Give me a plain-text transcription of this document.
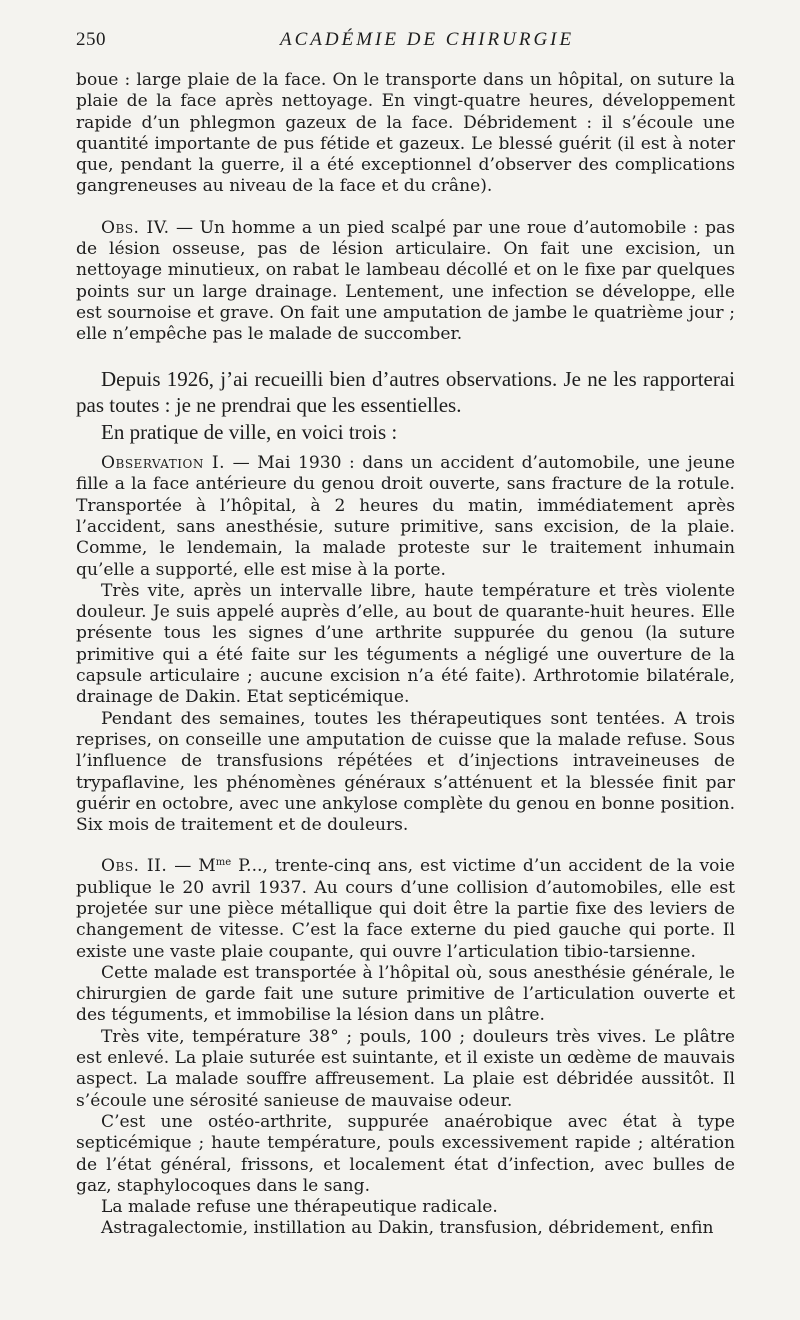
250	ACADÉMIE DE CHIRURGIE

boue : large plaie de la face. On le transporte dans un hôpital, on suture la plaie de la face après nettoyage. En vingt-quatre heures, développement rapide d’un phlegmon gazeux de la face. Débridement : il s’écoule une quantité importante de pus fétide et gazeux. Le blessé guérit (il est à noter que, pendant la guerre, il a été exceptionnel d’observer des complications gangreneuses au niveau de la face et du crâne).

Obs. IV. — Un homme a un pied scalpé par une roue d’automobile : pas de lésion osseuse, pas de lésion articulaire. On fait une excision, un nettoyage minutieux, on rabat le lambeau décollé et on le fixe par quelques points sur un large drainage. Lentement, une infection se développe, elle est sournoise et grave. On fait une amputation de jambe le quatrième jour ; elle n’empêche pas le malade de succomber.

Depuis 1926, j’ai recueilli bien d’autres observations. Je ne les rapporterai pas toutes : je ne prendrai que les essentielles.

En pratique de ville, en voici trois :

Observation I. — Mai 1930 : dans un accident d’automobile, une jeune fille a la face antérieure du genou droit ouverte, sans fracture de la rotule. Transportée à l’hôpital, à 2 heures du matin, immédiatement après l’accident, sans anesthésie, suture primitive, sans excision, de la plaie. Comme, le lendemain, la malade proteste sur le traitement inhumain qu’elle a supporté, elle est mise à la porte.

Très vite, après un intervalle libre, haute température et très violente douleur. Je suis appelé auprès d’elle, au bout de quarante-huit heures. Elle présente tous les signes d’une arthrite suppurée du genou (la suture primitive qui a été faite sur les téguments a négligé une ouverture de la capsule articulaire ; aucune excision n’a été faite). Arthrotomie bilatérale, drainage de Dakin. Etat septicémique.

Pendant des semaines, toutes les thérapeutiques sont tentées. A trois reprises, on conseille une amputation de cuisse que la malade refuse. Sous l’influence de transfusions répétées et d’injections intraveineuses de trypaflavine, les phénomènes généraux s’atténuent et la blessée finit par guérir en octobre, avec une ankylose complète du genou en bonne position. Six mois de traitement et de douleurs.

Obs. II. — $M^{me}$ P..., trente-cinq ans, est victime d’un accident de la voie publique le 20 avril 1937. Au cours d’une collision d’automobiles, elle est projetée sur une pièce métallique qui doit être la partie fixe des leviers de changement de vitesse. C’est la face externe du pied gauche qui porte. Il existe une vaste plaie coupante, qui ouvre l’articulation tibio-tarsienne.

Cette malade est transportée à l’hôpital où, sous anesthésie générale, le chirurgien de garde fait une suture primitive de l’articulation ouverte et des téguments, et immobilise la lésion dans un plâtre.

Très vite, température 38° ; pouls, 100 ; douleurs très vives. Le plâtre est enlevé. La plaie suturée est suintante, et il existe un œdème de mauvais aspect. La malade souffre affreusement. La plaie est débridée aussitôt. Il s’écoule une sérosité sanieuse de mauvaise odeur.

C’est une ostéo-arthrite, suppurée anaérobique avec état à type septicémique ; haute température, pouls excessivement rapide ; altération de l’état général, frissons, et localement état d’infection, avec bulles de gaz, staphylocoques dans le sang.

La malade refuse une thérapeutique radicale.

Astragalectomie, instillation au Dakin, transfusion, débridement, enfin
